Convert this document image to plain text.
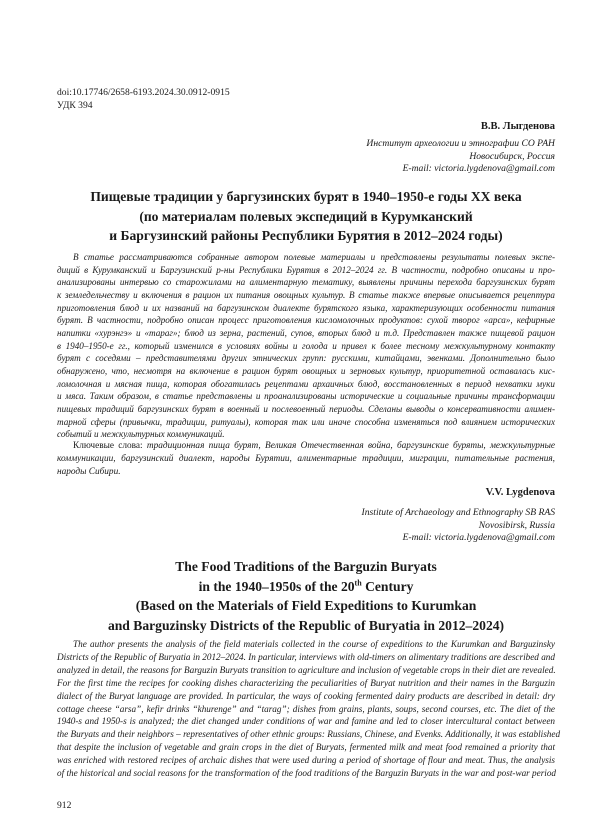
doi:10.17746/2658-6193.2024.30.0912-0915
УДК 394
В.В. Лыгденова
Институт археологии и этнографии СО РАН
Новосибирск, Россия
E-mail: victoria.lygdenova@gmail.com
Пищевые традиции у баргузинских бурят в 1940–1950-е годы XX века
(по материалам полевых экспедиций в Курумканский
и Баргузинский районы Республики Бурятия в 2012–2024 годы)
В статье рассматриваются собранные автором полевые материалы и представлены результаты полевых экспе-
диций в Курумканский и Баргузинский р-ны Республики Бурятия в 2012–2024 гг. В частности, подробно описаны и про-
анализированы интервью со старожилами на алиментарную тематику, выявлены причины перехода баргузинских бурят
к земледельчеству и включения в рацион их питания овощных культур. В статье также впервые описывается рецептура
приготовления блюд и их названий на баргузинском диалекте бурятского языка, характеризующих особенности питания
бурят. В частности, подробно описан процесс приготовления кисломолочных продуктов: сухой творог «арса», кефирные
напитки «хурэнгэ» и «тараг»; блюд из зерна, растений, супов, вторых блюд и т.д. Представлен также пищевой рацион
в 1940–1950-е гг., который изменился в условиях войны и голода и привел к более тесному межкультурному контакту
бурят с соседями – представителями других этнических групп: русскими, китайцами, эвенками. Дополнительно было
обнаружено, что, несмотря на включение в рацион бурят овощных и зерновых культур, приоритетной оставалась кис-
ломолочная и мясная пища, которая обогатилась рецептами архаичных блюд, восстановленных в период нехватки муки
и мяса. Таким образом, в статье представлены и проанализированы исторические и социальные причины трансформации
пищевых традиций баргузинских бурят в военный и послевоенный периоды. Сделаны выводы о консервативности алимен-
тарной сферы (привычки, традиции, ритуалы), которая так или иначе способна изменяться под влиянием исторических
событий и межкультурных коммуникаций.
Ключевые слова: традиционная пища бурят, Великая Отечественная война, баргузинские буряты, межкультурные
коммуникации, баргузинский диалект, народы Бурятии, алиментарные традиции, миграции, питательные растения,
народы Сибири.
V.V. Lygdenova
Institute of Archaeology and Ethnography SB RAS
Novosibirsk, Russia
E-mail: victoria.lygdenova@gmail.com
The Food Traditions of the Barguzin Buryats
in the 1940–1950s of the 20th Century
(Based on the Materials of Field Expeditions to Kurumkan
and Barguzinsky Districts of the Republic of Buryatia in 2012–2024)
The author presents the analysis of the field materials collected in the course of expeditions to the Kurumkan and Barguzinsky
Districts of the Republic of Buryatia in 2012–2024. In particular, interviews with old-timers on alimentary traditions are described and
analyzed in detail, the reasons for Barguzin Buryats transition to agriculture and inclusion of vegetable crops in their diet are revealed.
For the first time the recipes for cooking dishes characterizing the peculiarities of Buryat nutrition and their names in the Barguzin
dialect of the Buryat language are provided. In particular, the ways of cooking fermented dairy products are described in detail: dry
cottage cheese “arsa”, kefir drinks “khurenge” and “tarag”; dishes from grains, plants, soups, second courses, etc. The diet of the
1940-s and 1950-s is analyzed; the diet changed under conditions of war and famine and led to closer intercultural contact between
the Buryats and their neighbors – representatives of other ethnic groups: Russians, Chinese, and Evenks. Additionally, it was established
that despite the inclusion of vegetable and grain crops in the diet of Buryats, fermented milk and meat food remained a priority that
was enriched with restored recipes of archaic dishes that were used during a period of shortage of flour and meat. Thus, the analysis
of the historical and social reasons for the transformation of the food traditions of the Barguzin Buryats in the war and post-war period
912
